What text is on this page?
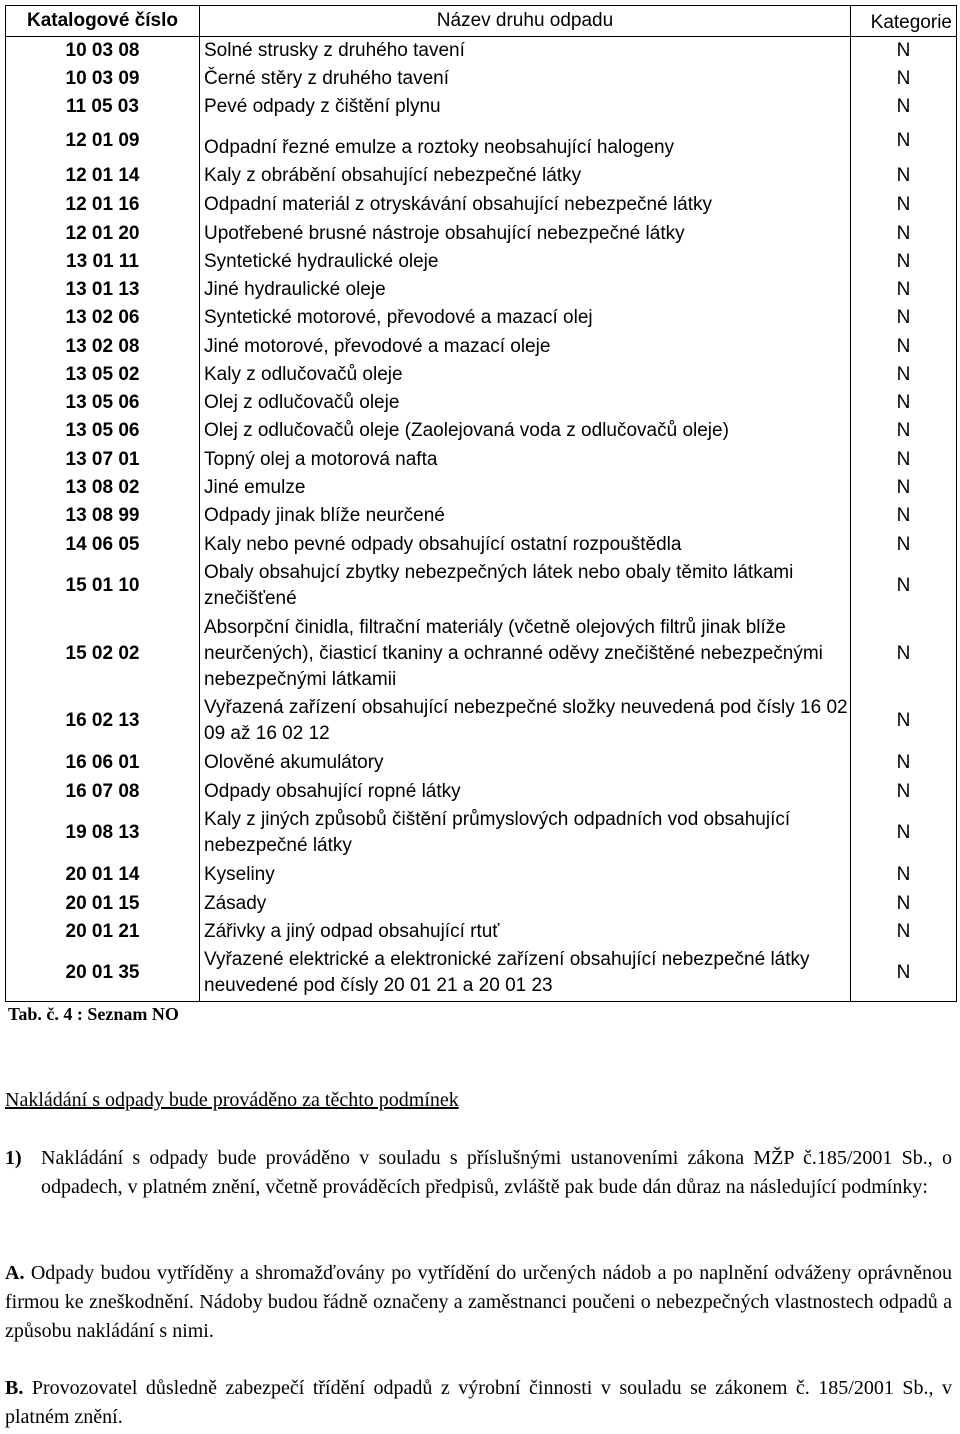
Katalogové číslo	Název druhu odpadu	Kategorie
10 03 08	Solné strusky z druhého tavení	N
10 03 09	Černé stěry z druhého tavení	N
11 05 03	Pevé odpady z čištění plynu	N
12 01 09	Odpadní řezné emulze a roztoky neobsahující halogeny	N
12 01 14	Kaly z obrábění obsahující nebezpečné látky	N
12 01 16	Odpadní materiál z otryskávání obsahující nebezpečné látky	N
12 01 20	Upotřebené brusné nástroje obsahující nebezpečné látky	N
13 01 11	Syntetické hydraulické oleje	N
13 01 13	Jiné hydraulické oleje	N
13 02 06	Syntetické motorové, převodové a mazací olej	N
13 02 08	Jiné motorové, převodové a mazací oleje	N
13 05 02	Kaly z odlučovačů oleje	N
13 05 06	Olej z odlučovačů oleje	N
13 05 06	Olej z odlučovačů oleje (Zaolejovaná voda z odlučovačů oleje)	N
13 07 01	Topný olej a motorová nafta	N
13 08 02	Jiné emulze	N
13 08 99	Odpady jinak blíže neurčené	N
14 06 05	Kaly nebo pevné odpady obsahující ostatní rozpouštědla	N
15 01 10	Obaly obsahujcí zbytky nebezpečných látek nebo obaly těmito látkami znečišťené	N
15 02 02	Absorpční činidla, filtrační materiály (včetně olejových filtrů jinak blíže neurčených), čiasticí tkaniny a ochranné oděvy znečištěné nebezpečnými nebezpečnými látkamii	N
16 02 13	Vyřazená zařízení obsahující nebezpečné složky neuvedená pod čísly 16 02 09 až 16 02 12	N
16 06 01	Olověné akumulátory	N
16 07 08	Odpady obsahující ropné látky	N
19 08 13	Kaly z jiných způsobů čištění průmyslových odpadních vod obsahující nebezpečné látky	N
20 01 14	Kyseliny	N
20 01 15	Zásady	N
20 01 21	Zářivky a jiný odpad obsahující rtuť	N
20 01 35	Vyřazené elektrické a elektronické zařízení obsahující nebezpečné látky neuvedené pod čísly 20 01 21 a 20 01 23	N
Tab. č. 4 : Seznam NO
Nakládání s odpady bude prováděno za těchto podmínek
1) Nakládání s odpady bude prováděno v souladu s příslušnými ustanoveními zákona MŽP č.185/2001 Sb., o odpadech, v platném znění, včetně prováděcích předpisů, zvláště pak bude dán důraz na následující podmínky:
A. Odpady budou vytříděny a shromažďovány po vytřídění do určených nádob a po naplnění odváženy oprávněnou firmou ke zneškodnění. Nádoby budou řádně označeny a zaměstnanci poučeni o nebezpečných vlastnostech odpadů a způsobu nakládání s nimi.
B. Provozovatel důsledně zabezpečí třídění odpadů z výrobní činnosti v souladu se zákonem č. 185/2001 Sb., v platném znění.
